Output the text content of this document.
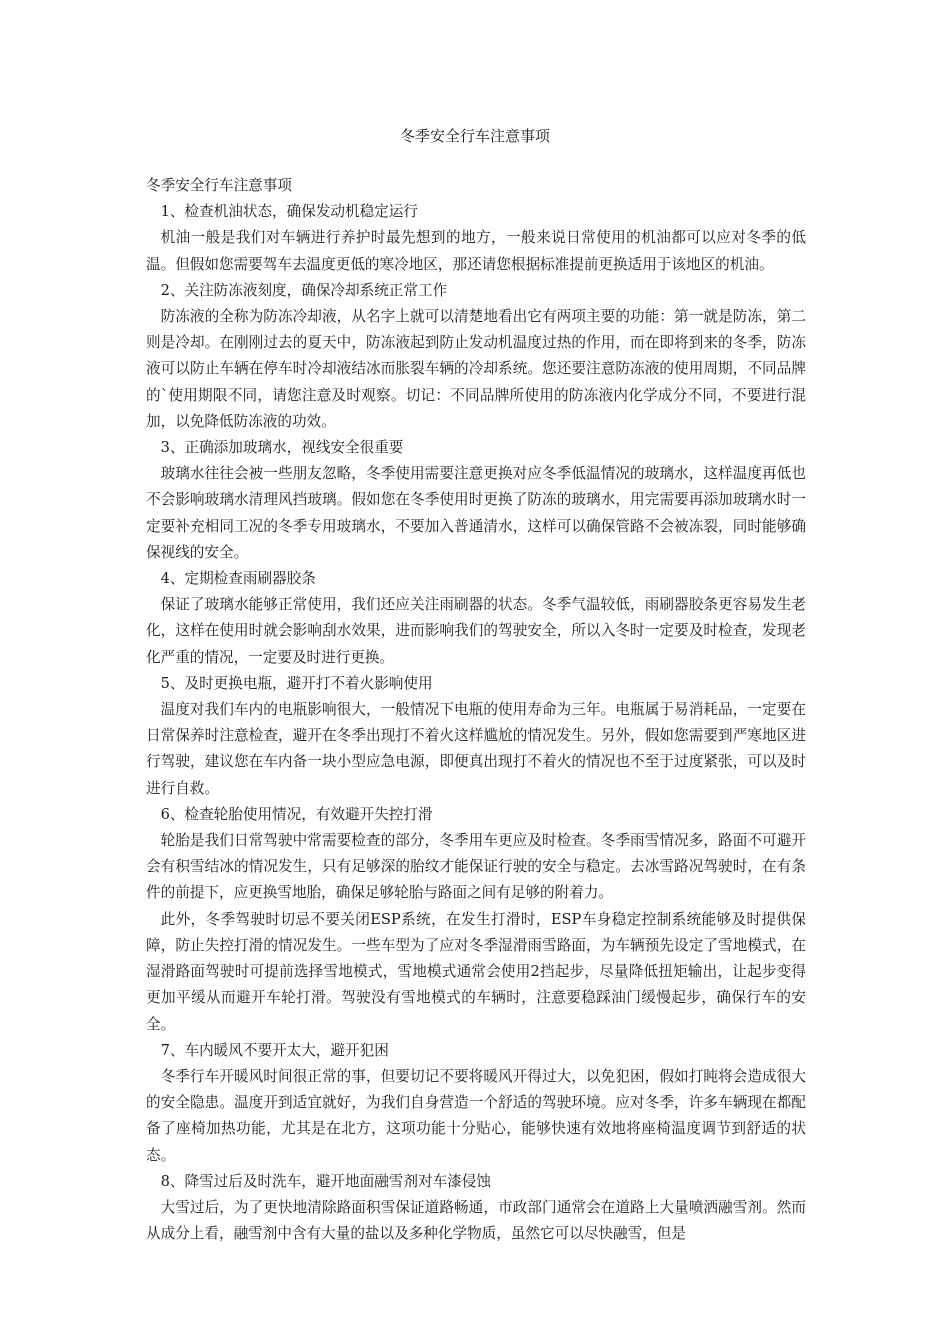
冬季安全行车注意事项

冬季安全行车注意事项

1、检查机油状态，确保发动机稳定运行

机油一般是我们对车辆进行养护时最先想到的地方，一般来说日常使用的机油都可以应对冬季的低温。但假如您需要驾车去温度更低的寒冷地区，那还请您根据标准提前更换适用于该地区的机油。

2、关注防冻液刻度，确保冷却系统正常工作

防冻液的全称为防冻冷却液，从名字上就可以清楚地看出它有两项主要的功能：第一就是防冻，第二则是冷却。在刚刚过去的夏天中，防冻液起到防止发动机温度过热的作用，而在即将到来的冬季，防冻液可以防止车辆在停车时冷却液结冰而胀裂车辆的冷却系统。您还要注意防冻液的使用周期，不同品牌的`使用期限不同，请您注意及时观察。切记：不同品牌所使用的防冻液内化学成分不同，不要进行混加，以免降低防冻液的功效。

3、正确添加玻璃水，视线安全很重要

玻璃水往往会被一些朋友忽略，冬季使用需要注意更换对应冬季低温情况的玻璃水，这样温度再低也不会影响玻璃水清理风挡玻璃。假如您在冬季使用时更换了防冻的玻璃水，用完需要再添加玻璃水时一定要补充相同工况的冬季专用玻璃水，不要加入普通清水，这样可以确保管路不会被冻裂，同时能够确保视线的安全。

4、定期检查雨刷器胶条

保证了玻璃水能够正常使用，我们还应关注雨刷器的状态。冬季气温较低，雨刷器胶条更容易发生老化，这样在使用时就会影响刮水效果，进而影响我们的驾驶安全，所以入冬时一定要及时检查，发现老化严重的情况，一定要及时进行更换。

5、及时更换电瓶，避开打不着火影响使用

温度对我们车内的电瓶影响很大，一般情况下电瓶的使用寿命为三年。电瓶属于易消耗品，一定要在日常保养时注意检查，避开在冬季出现打不着火这样尴尬的情况发生。另外，假如您需要到严寒地区进行驾驶，建议您在车内备一块小型应急电源，即便真出现打不着火的情况也不至于过度紧张，可以及时进行自救。

6、检查轮胎使用情况，有效避开失控打滑

轮胎是我们日常驾驶中常需要检查的部分，冬季用车更应及时检查。冬季雨雪情况多，路面不可避开会有积雪结冰的情况发生，只有足够深的胎纹才能保证行驶的安全与稳定。去冰雪路况驾驶时，在有条件的前提下，应更换雪地胎，确保足够轮胎与路面之间有足够的附着力。

此外，冬季驾驶时切忌不要关闭ESP系统，在发生打滑时，ESP车身稳定控制系统能够及时提供保障，防止失控打滑的情况发生。一些车型为了应对冬季湿滑雨雪路面，为车辆预先设定了雪地模式，在湿滑路面驾驶时可提前选择雪地模式，雪地模式通常会使用2挡起步，尽量降低扭矩输出，让起步变得更加平缓从而避开车轮打滑。驾驶没有雪地模式的车辆时，注意要稳踩油门缓慢起步，确保行车的安全。

7、车内暖风不要开太大，避开犯困

冬季行车开暖风时间很正常的事，但要切记不要将暖风开得过大，以免犯困，假如打盹将会造成很大的安全隐患。温度开到适宜就好，为我们自身营造一个舒适的驾驶环境。应对冬季，许多车辆现在都配备了座椅加热功能，尤其是在北方，这项功能十分贴心，能够快速有效地将座椅温度调节到舒适的状态。

8、降雪过后及时洗车，避开地面融雪剂对车漆侵蚀

大雪过后，为了更快地清除路面积雪保证道路畅通，市政部门通常会在道路上大量喷洒融雪剂。然而从成分上看，融雪剂中含有大量的盐以及多种化学物质，虽然它可以尽快融雪，但是
